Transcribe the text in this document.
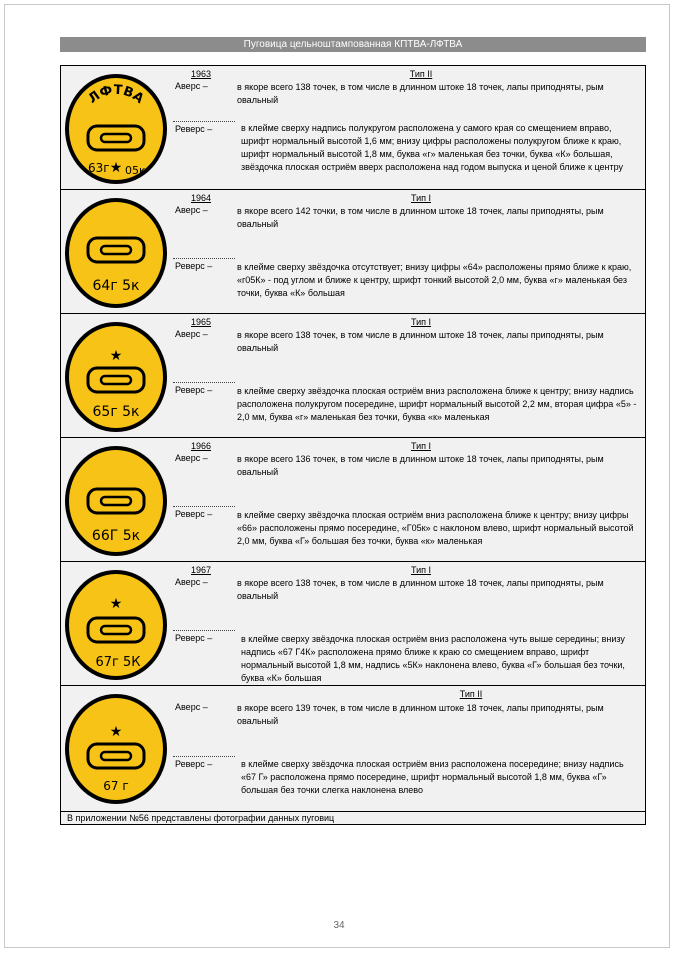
Пуговица цельноштампованная КПТВА-ЛФТВА
ЛФТВА
63г ★ 05к
1963	Тип II
Аверс –	в якоре всего 138 точек, в том числе в длинном штоке 18 точек, лапы приподняты, рым овальный
Реверс –	в клейме сверху надпись полукругом расположена у самого края со смещением вправо, шрифт нормальный высотой 1,6 мм; внизу цифры расположены полукругом ближе к краю, шрифт нормальный высотой 1,8 мм, буква «г» маленькая без точки, буква «К» большая, звёздочка плоская остриём вверх расположена над годом выпуска и ценой ближе к центру
64г 5к
1964	Тип I
Аверс –	в якоре всего 142 точки, в том числе в длинном штоке 18 точек, лапы приподняты, рым овальный
Реверс –	в клейме сверху звёздочка отсутствует; внизу цифры «64» расположены прямо ближе к краю, «г05К» - под углом и ближе к центру, шрифт тонкий высотой 2,0 мм, буква «г» маленькая без точки, буква «К» большая
★
65г 5к
1965	Тип I
Аверс –	в якоре всего 138 точек, в том числе в длинном штоке 18 точек, лапы приподняты, рым овальный
Реверс –	в клейме сверху звёздочка плоская остриём вниз расположена ближе к центру; внизу надпись расположена полукругом посередине, шрифт нормальный высотой 2,2 мм, вторая цифра «5» - 2,0 мм, буква «г» маленькая без точки, буква «к» маленькая
66Г 5к
1966	Тип I
Аверс –	в якоре всего 136 точек, в том числе в длинном штоке 18 точек, лапы приподняты, рым овальный
Реверс –	в клейме сверху звёздочка плоская остриём вниз расположена ближе к центру; внизу цифры «66» расположены прямо посередине, «Г05к» с наклоном влево, шрифт нормальный высотой 2,0 мм, буква «Г» большая без точки, буква «к» маленькая
★
67г 5К
1967	Тип I
Аверс –	в якоре всего 138 точек, в том числе в длинном штоке 18 точек, лапы приподняты, рым овальный
Реверс –	в клейме сверху звёздочка плоская остриём вниз расположена чуть выше середины; внизу надпись «67 Г4К» расположена прямо ближе к краю со смещением вправо, шрифт нормальный высотой 1,8 мм, надпись «5К» наклонена влево, буква «Г» большая без точки, буква «К» большая
★
67 г
Тип II
Аверс –	в якоре всего 139 точек, в том числе в длинном штоке 18 точек, лапы приподняты, рым овальный
Реверс –	в клейме сверху звёздочка плоская остриём вниз расположена посередине; внизу надпись «67 Г» расположена прямо посередине, шрифт нормальный высотой 1,8 мм, буква «Г» большая без точки слегка наклонена влево
В приложении №56 представлены фотографии данных пуговиц
34
